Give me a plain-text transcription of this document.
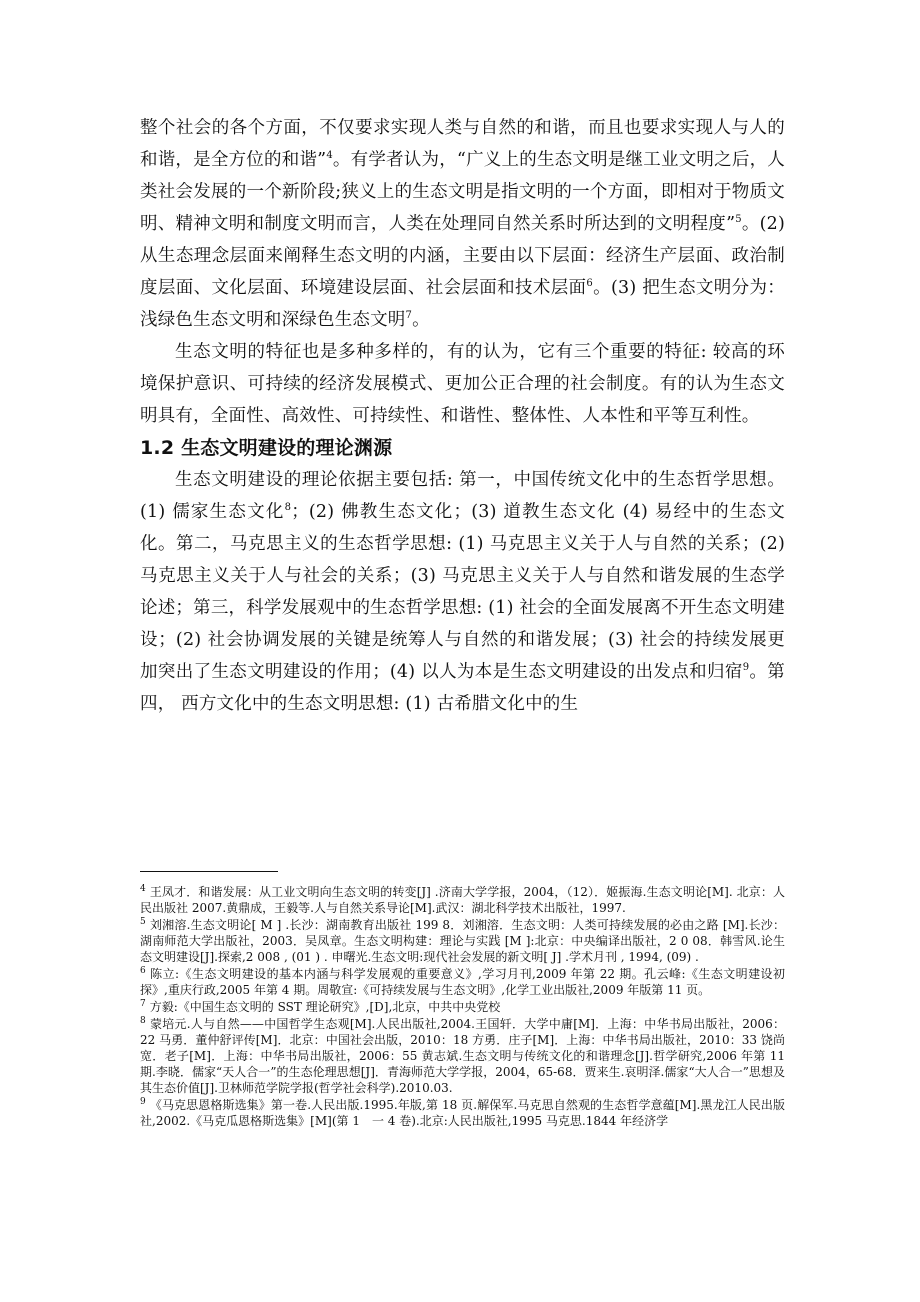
整个社会的各个方面，不仅要求实现人类与自然的和谐，而且也要求实现人与人的和谐，是全方位的和谐”$^4$。有学者认为，“广义上的生态文明是继工业文明之后，人类社会发展的一个新阶段;狭义上的生态文明是指文明的一个方面，即相对于物质文明、精神文明和制度文明而言，人类在处理同自然关系时所达到的文明程度”$^5$。(2) 从生态理念层面来阐释生态文明的内涵，主要由以下层面：经济生产层面、政治制度层面、文化层面、环境建设层面、社会层面和技术层面$^6$。(3) 把生态文明分为：浅绿色生态文明和深绿色生态文明$^7$。

生态文明的特征也是多种多样的，有的认为，它有三个重要的特征: 较高的环境保护意识、可持续的经济发展模式、更加公正合理的社会制度。有的认为生态文明具有，全面性、高效性、可持续性、和谐性、整体性、人本性和平等互利性。

1.2 生态文明建设的理论渊源

生态文明建设的理论依据主要包括: 第一，中国传统文化中的生态哲学思想。(1) 儒家生态文化$^8$；(2) 佛教生态文化；(3) 道教生态文化 (4) 易经中的生态文化。第二，马克思主义的生态哲学思想: (1) 马克思主义关于人与自然的关系；(2) 马克思主义关于人与社会的关系；(3) 马克思主义关于人与自然和谐发展的生态学论述；第三，科学发展观中的生态哲学思想: (1) 社会的全面发展离不开生态文明建设；(2) 社会协调发展的关键是统筹人与自然的和谐发展；(3) 社会的持续发展更加突出了生态文明建设的作用；(4) 以人为本是生态文明建设的出发点和归宿$^9$。第四， 西方文化中的生态文明思想: (1) 古希腊文化中的生

$^4$ 王凤才．和谐发展：从工业文明向生态文明的转变[J] .济南大学学报，2004，（12）．姬振海.生态文明论[M]. 北京：人民出版社 2007.黄鼎成，王毅等.人与自然关系导论[M].武汉：湖北科学技术出版社，1997.

$^5$ 刘湘溶.生态文明论[ M ] .长沙：湖南教育出版社 199 8．刘湘溶．生态文明：人类可持续发展的必由之路 [M].长沙：湖南师范大学出版社，2003．吴凤章。生态文明构建：理论与实践 [M ]:北京：中央编译出版社，2 0 08．韩雪风.论生态文明建设[J].探索,2 008 , (01 ) . 申曙光.生态文明:现代社会发展的新文明[ J] .学术月刊 , 1994, (09) .

$^6$ 陈立:《生态文明建设的基本内涵与科学发展观的重要意义》,学习月刊,2009 年第 22 期。孔云峰:《生态文明建设初探》,重庆行政,2005 年第 4 期。周敬宣:《可持续发展与生态文明》,化学工业出版社,2009 年版第 11 页。

$^7$ 方毅:《中国生态文明的 SST 理论研究》,[D],北京，中共中央党校

$^8$ 蒙培元.人与自然——中国哲学生态观[M].人民出版社,2004.王国轩．大学中庸[M]．上海：中华书局出版社，2006：22 马勇．董仲舒评传[M]．北京：中国社会出版，2010：18 方勇．庄子[M]．上海：中华书局出版社，2010：33 饶尚宽．老子[M]．上海：中华书局出版社，2006：55 黄志斌.生态文明与传统文化的和谐理念[J].哲学研究,2006 年第 11 期.李晓．儒家“天人合一”的生态伦理思想[J]．青海师范大学学报，2004，65-68．贾来生.哀明泽.儒家“大人合一”思想及其生态价值[J].卫林师范学院学报(哲学社会科学).2010.03.

$^9$ 《马克思恩格斯选集》第一卷.人民出版.1995.年版,第 18 页.解保军.马克思自然观的生态哲学意蕴[M].黑龙江人民出版社,2002.《马克瓜恩格斯选集》[M](第 1　一 4 卷).北京:人民出版社,1995 马克思.1844 年经济学
